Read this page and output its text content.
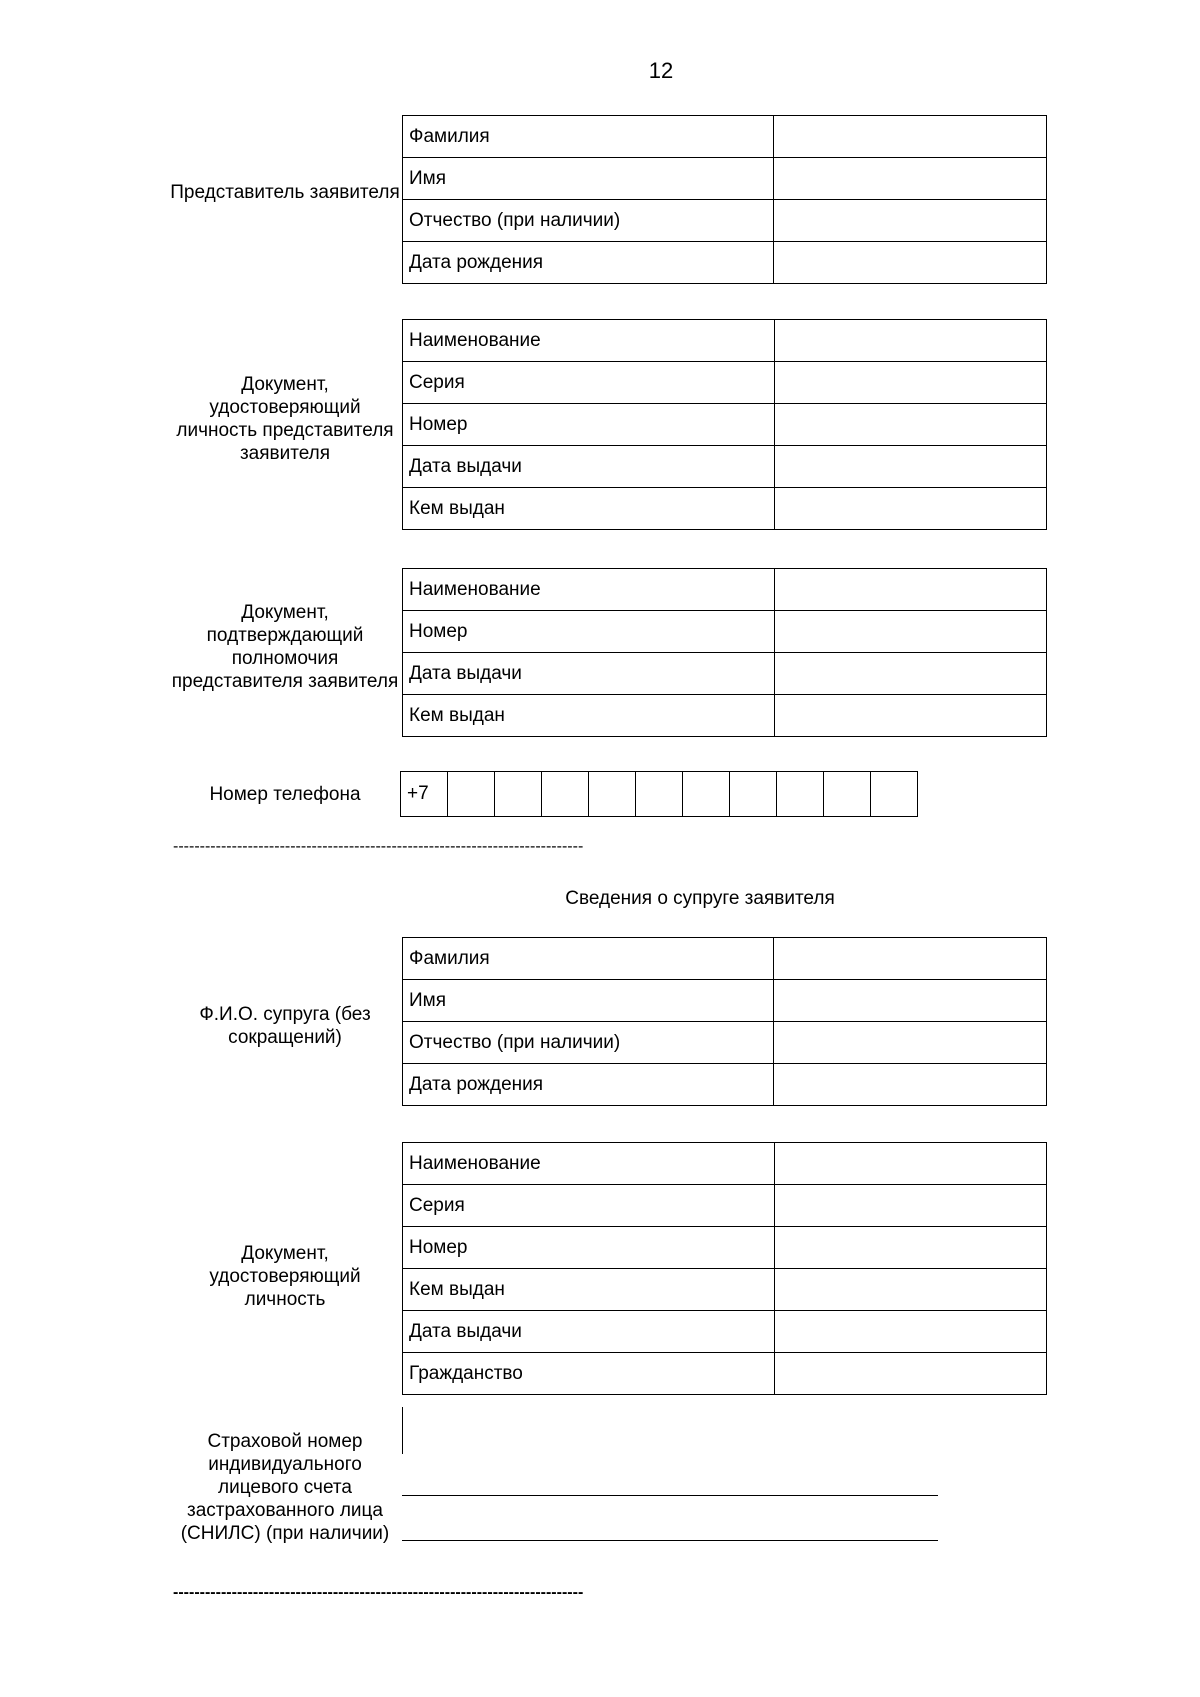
12
Представитель заявителя
Фамилия	
Имя	
Отчество (при наличии)	
Дата рождения	
Документ, удостоверяющий личность представителя заявителя
Наименование	
Серия	
Номер	
Дата выдачи	
Кем выдан	
Документ, подтверждающий полномочия представителя заявителя
Наименование	
Номер	
Дата выдачи	
Кем выдан	
Номер телефона	+7										
-----------------------------------------------------------------------------
Сведения о супруге заявителя
Ф.И.О. супруга (без сокращений)
Фамилия	
Имя	
Отчество (при наличии)	
Дата рождения	
Документ, удостоверяющий личность
Наименование	
Серия	
Номер	
Кем выдан	
Дата выдачи	
Гражданство	
Страховой номер индивидуального лицевого счета застрахованного лица (СНИЛС) (при наличии)
-----------------------------------------------------------------------------
